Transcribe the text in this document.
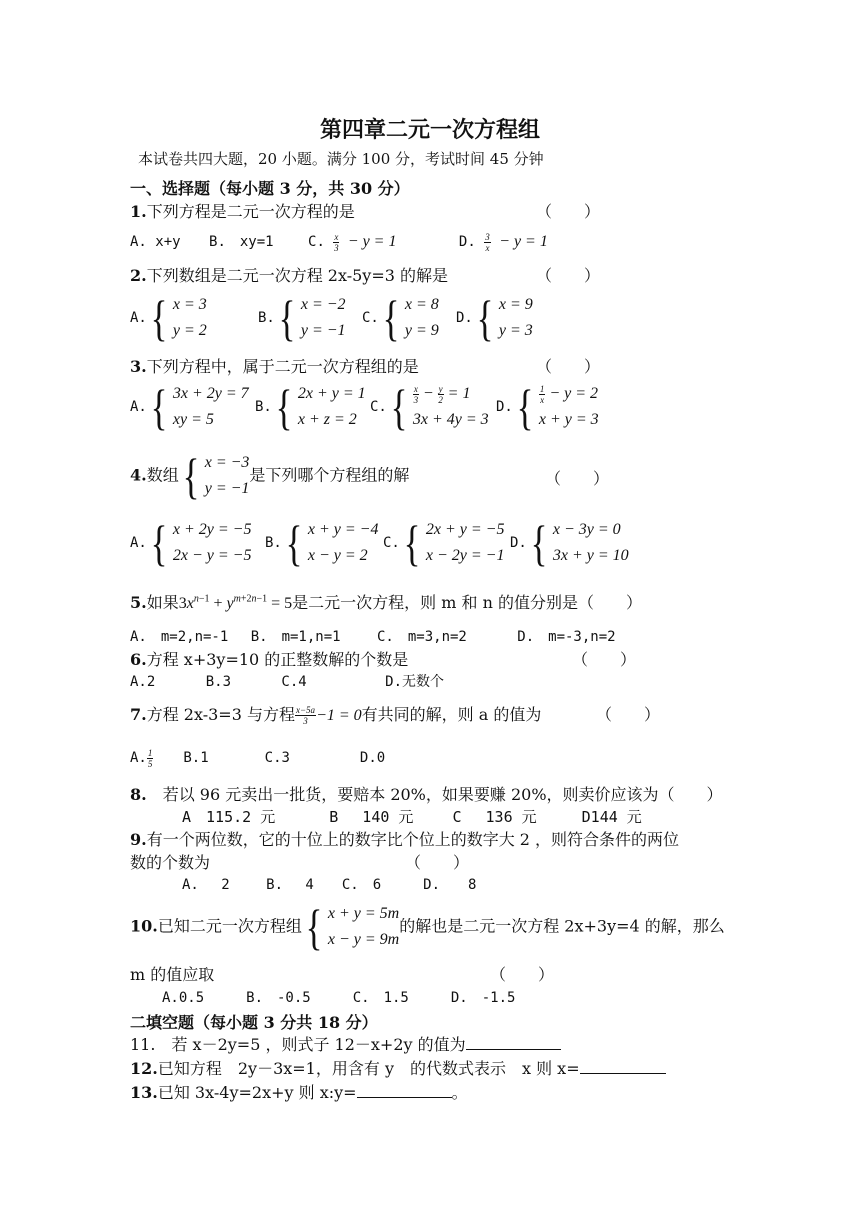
第四章二元一次方程组
本试卷共四大题，20 小题。满分 100 分，考试时间 45 分钟
一、选择题（每小题 3 分，共 30 分）
1.下列方程是二元一次方程的是	（　　）
A. x+y B.　xy=1 C. $\frac{x}{3} - y = 1$	D. $\frac{3}{x} - y = 1$
2.下列数组是二元一次方程 2x-5y=3 的解是	（　　）
A. { x = 3
y = 2
B. { x = −2
y = −1
C. { x = 8
y = 9
D. { x = 9
y = 3
3.下列方程中，属于二元一次方程组的是	（　　）
A. { 3x + 2y = 7
xy = 5
B. { 2x + y = 1
x + z = 2
C. { $\frac{x}{3} - \frac{y}{2} = 1$
3x + 4y = 3
D. { $\frac{1}{x} - y = 2$
x + y = 3
4.数组 { x = −3
y = −1
是下列哪个方程组的解	（　　）
A. { x + 2y = −5
2x − y = −5
B. { x + y = −4
x − y = 2
C. { 2x + y = −5
x − 2y = −1
D. { x − 3y = 0
3x + y = 10
5.如果$3x^{n-1} + y^{m+2n-1} = 5$是二元一次方程，则 m 和 n 的值分别是（　　）
A.　m=2,n=-1　 B.　m=1,n=1　　 C.　m=3,n=2　　　 D.　m=-3,n=2
6.方程 x+3y=10 的正整数解的个数是	（　　）
A.2　　　 B.3　　　 C.4　　　　　 D.无数个
7.方程 2x-3=3 与方程 $\frac{x-5a}{3} -1 = 0$有共同的解，则 a 的值为	（　　）
A. $\frac{1}{5} B.1$　　　　C.3　　　　　D.0
8.　若以 96 元卖出一批货，要赔本 20%，如果要赚 20%，则卖价应该为（　　）
A　115.2 元　　　 B　 140 元　　 C　 136 元　　　D144 元
9.有一个两位数，它的十位上的数字比个位上的数字大 2 ，则符合条件的两位
数的个数为	（　　）
A.　 2　　 B.　 4　　C.　6　　　D.　　8
10.已知二元一次方程组 { x + y = 5m
x − y = 9m
的解也是二元一次方程 2x+3y=4 的解，那么
m 的值应取	（　　）
A.0.5　　　B.　-0.5　　　C.　1.5　　　D.　-1.5
二填空题（每小题 3 分共 18 分）
11.　若 x－2y=5 ，则式子 12－x+2y 的值为
12.已知方程　2y－3x=1，用含有 y　的代数式表示　x 则 x=
13.已知 3x-4y=2x+y 则 x:y=	。
